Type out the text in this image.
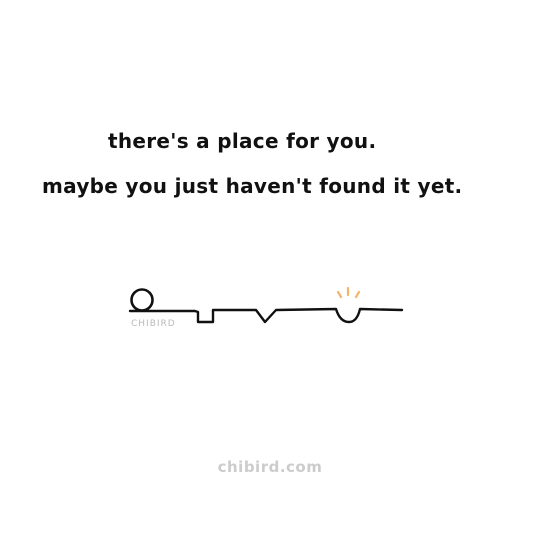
there's a place for you.
maybe you just haven't found it yet.
CHIBIRD
chibird.com
